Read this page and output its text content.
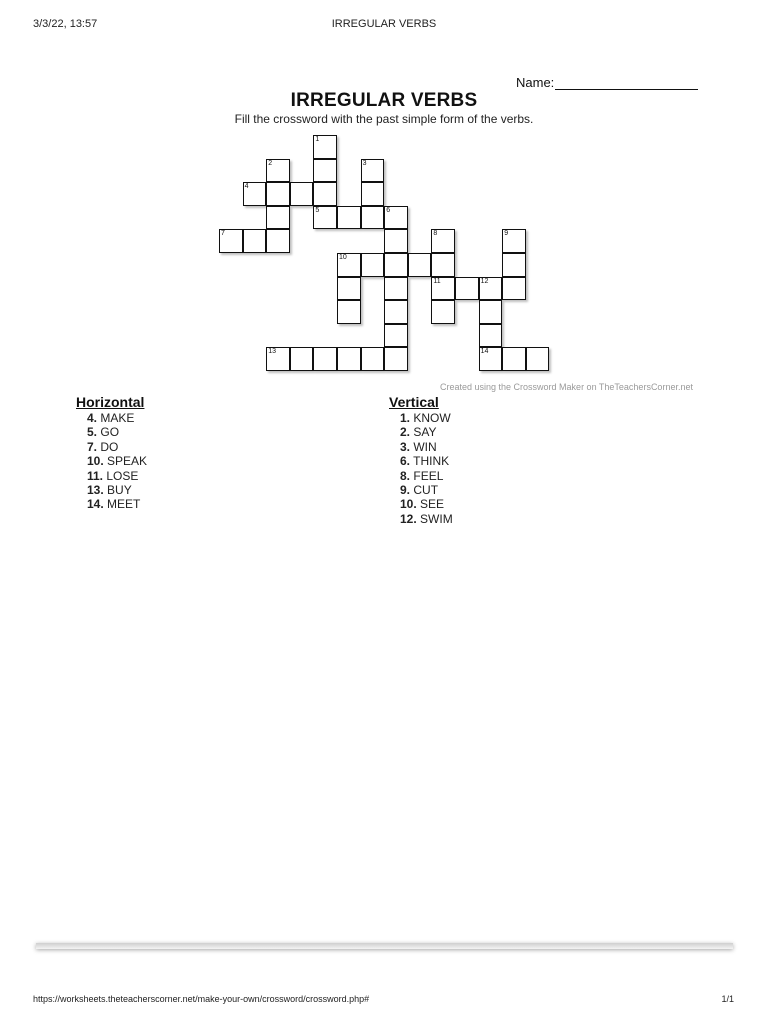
3/3/22, 13:57	IRREGULAR VERBS
Name:
IRREGULAR VERBS
Fill the crossword with the past simple form of the verbs.
1
2	3
4
5	6
7	8	9
10
11	12
13	14
Created using the Crossword Maker on TheTeachersCorner.net
Horizontal
4. MAKE
5. GO
7. DO
10. SPEAK
11. LOSE
13. BUY
14. MEET
Vertical
1. KNOW
2. SAY
3. WIN
6. THINK
8. FEEL
9. CUT
10. SEE
12. SWIM
https://worksheets.theteacherscorner.net/make-your-own/crossword/crossword.php#	1/1
